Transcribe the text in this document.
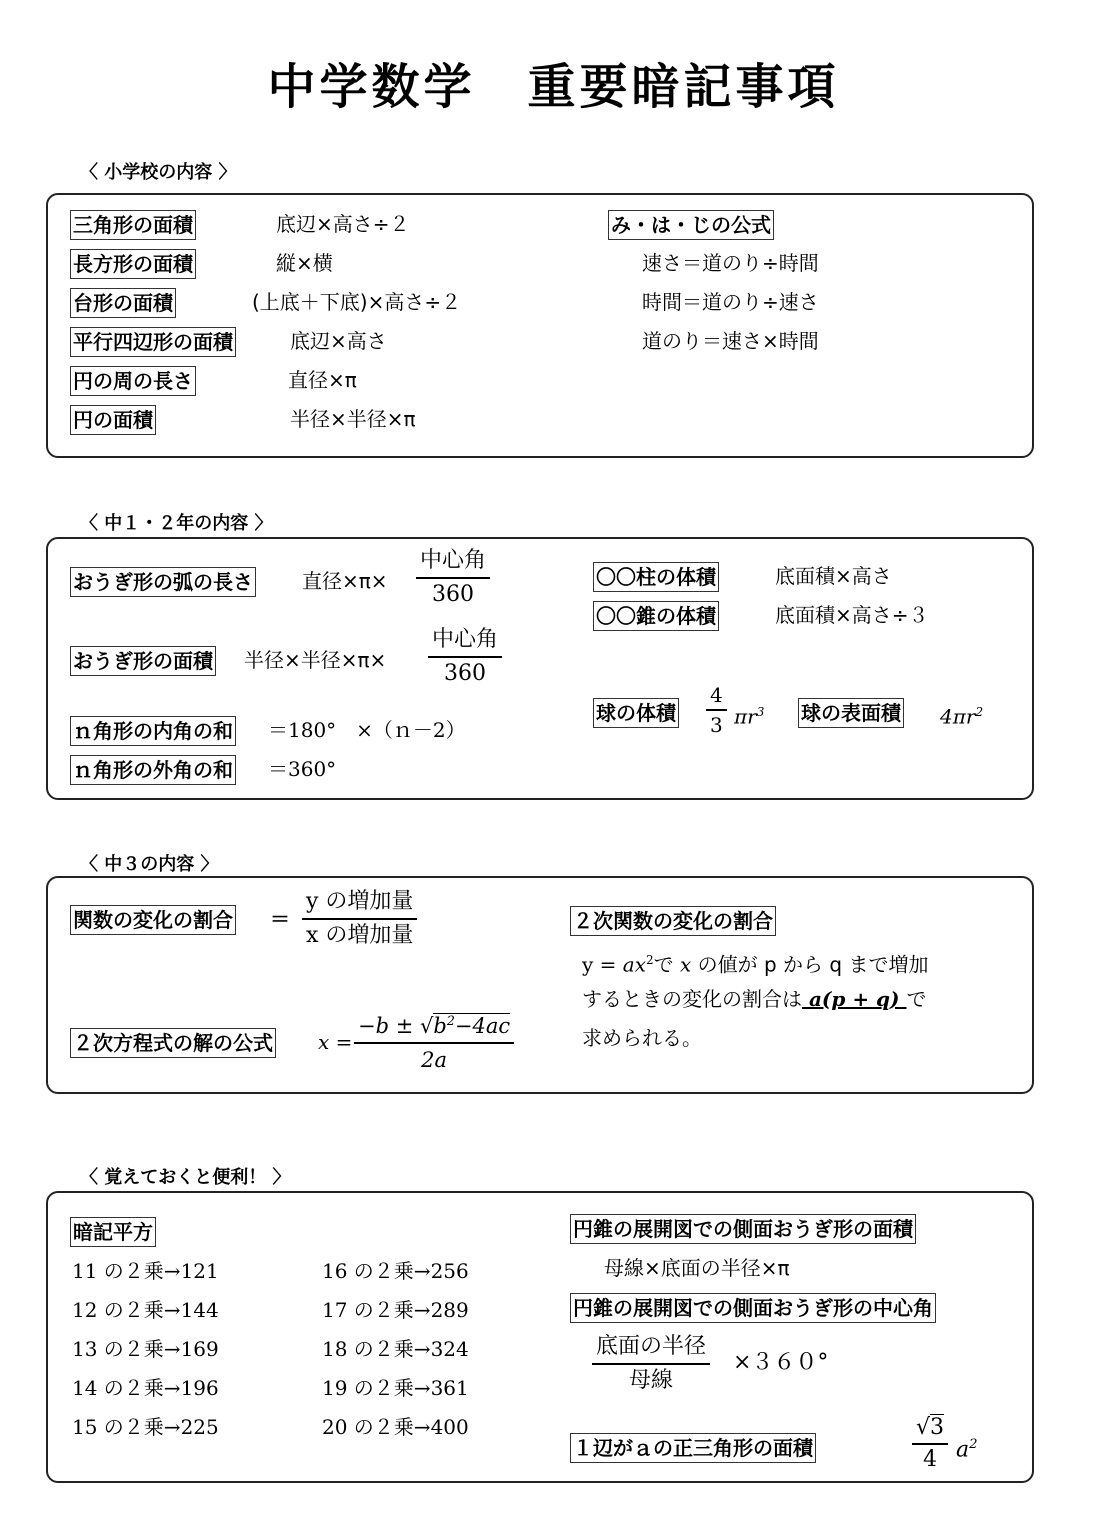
中学数学　重要暗記事項
〈 小学校の内容 〉
三角形の面積	底辺×高さ÷２
長方形の面積	縦×横
台形の面積	(上底＋下底)×高さ÷２
平行四辺形の面積	底辺×高さ
円の周の長さ	直径×π
円の面積	半径×半径×π
み・は・じの公式
速さ＝道のり÷時間
時間＝道のり÷速さ
道のり＝速さ×時間
〈 中１・２年の内容 〉
おうぎ形の弧の長さ 直径×π×
中心角
360
おうぎ形の面積 半径×半径×π×
中心角
360
ｎ角形の内角の和 ＝180°　×（ｎ－2）
ｎ角形の外角の和 ＝360°
〇〇柱の体積	底面積×高さ
〇〇錐の体積	底面積×高さ÷３
球の体積
4
3 $\pi r^3$ 球の表面積 $4\pi r^2$
〈 中３の内容 〉
関数の変化の割合 ＝
y の増加量
x の増加量
２次方程式の解の公式 x =
$-b \pm √b^2-4ac$
2a
２次関数の変化の割合
$y = ax^2$で x の値が p から q まで増加
するときの変化の割合は a(p + q) で
求められる。
〈 覚えておくと便利！ 〉
暗記平方
11 の２乗→121
12 の２乗→144
13 の２乗→169
14 の２乗→196
15 の２乗→225
16 の２乗→256
17 の２乗→289
18 の２乗→324
19 の２乗→361
20 の２乗→400
円錐の展開図での側面おうぎ形の面積
母線×底面の半径×π
円錐の展開図での側面おうぎ形の中心角
底面の半径
母線
×３６０°
１辺がａの正三角形の面積
√3
4 $a^2$
